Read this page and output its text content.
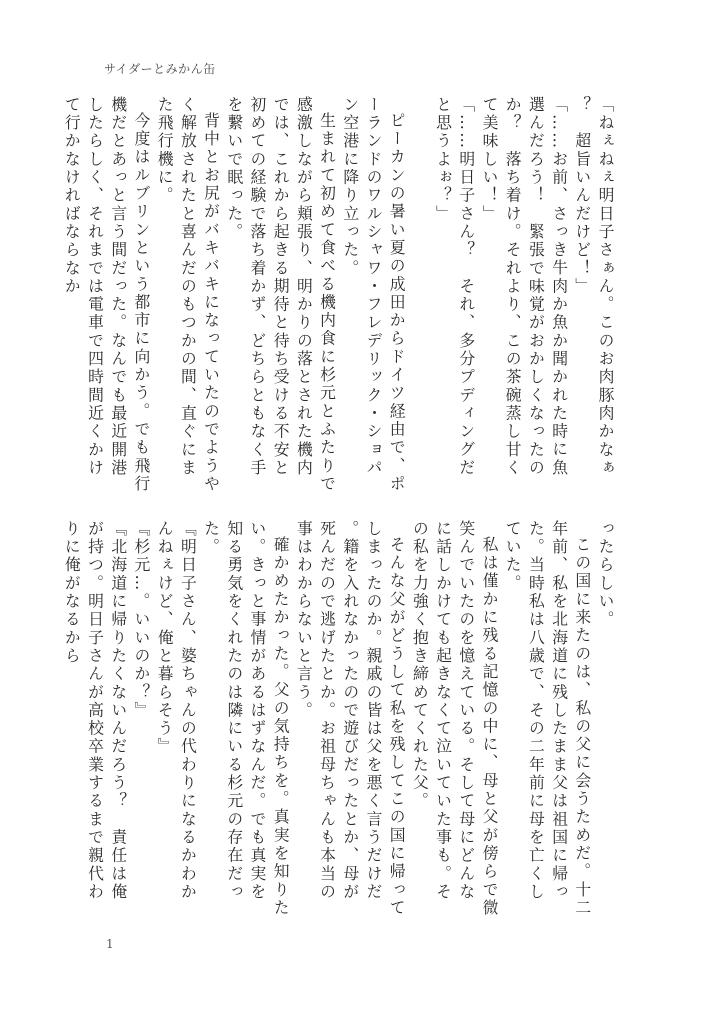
サイダーとみかん缶

「ねぇねぇ明日子さぁん。このお肉豚肉かなぁ？　超旨いんだけど！」

「……お前、さっき牛肉か魚か聞かれた時に魚選んだろう！　緊張で味覚がおかしくなったのか？　落ち着け。それより、この茶碗蒸し甘くて美味しい！」

「……明日子さん？　それ、多分プディングだと思うよぉ？」

ピーカンの暑い夏の成田からドイツ経由で、ポーランドのワルシャワ・フレデリック・ショパン空港に降り立った。

生まれて初めて食べる機内食に杉元とふたりで感激しながら頬張り、明かりの落とされた機内では、これから起きる期待と待ち受ける不安と初めての経験で落ち着かず、どちらともなく手を繋いで眠った。

背中とお尻がバキバキになっていたのでようやく解放されたと喜んだのもつかの間、直ぐにまた飛行機に。

今度はルブリンという都市に向かう。でも飛行機だとあっと言う間だった。なんでも最近開港したらしく、それまでは電車で四時間近くかけて行かなければならなか

ったらしい。

この国に来たのは、私の父に会うためだ。十二年前、私を北海道に残したまま父は祖国に帰った。当時私は八歳で、その二年前に母を亡くしていた。

私は僅かに残る記憶の中に、母と父が傍らで微笑んでいたのを憶えている。そして母にどんなに話しかけても起きなくて泣いていた事も。その私を力強く抱き締めてくれた父。

そんな父がどうして私を残してこの国に帰ってしまったのか。親戚の皆は父を悪く言うだけだ。籍を入れなかったので遊びだったとか、母が死んだので逃げたとか。お祖母ちゃんも本当の事はわからないと言う。

確かめたかった。父の気持ちを。真実を知りたい。きっと事情があるはずなんだ。でも真実を知る勇気をくれたのは隣にいる杉元の存在だった。

『明日子さん、婆ちゃんの代わりになるかわかんねぇけど、俺と暮らそう』

『杉元…。いいのか？』

『北海道に帰りたくないんだろう？　責任は俺が持つ。明日子さんが高校卒業するまで親代わりに俺がなるから

1
